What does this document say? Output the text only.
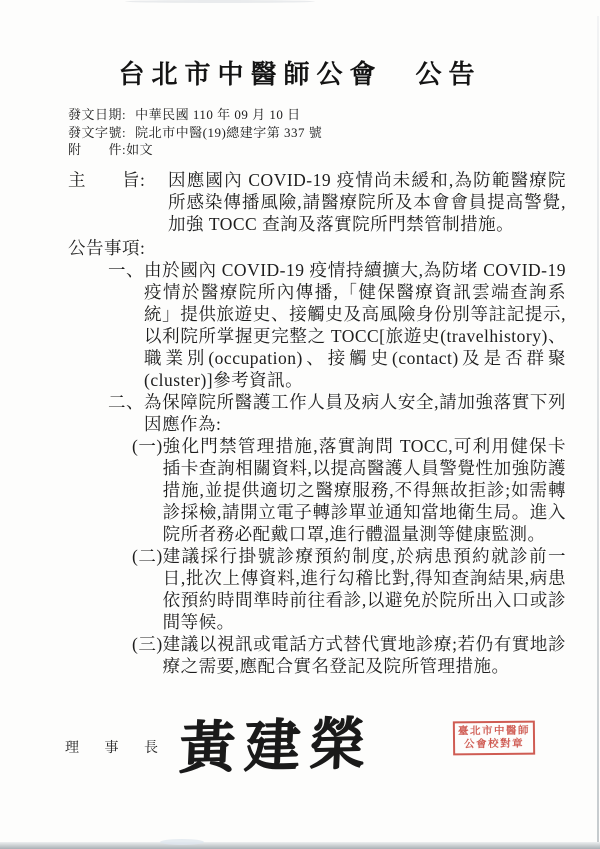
台北市中醫師公會　公告
發文日期: 中華民國 110 年 09 月 10 日
發文字號: 院北市中醫(19)總建字第 337 號
附　　件: 如文
主　　旨:	因應國內 COVID-19 疫情尚未緩和,為防範醫療院所感染傳播風險,請醫療院所及本會會員提高警覺,加強 TOCC 查詢及落實院所門禁管制措施。
公告事項:
一、 由於國內 COVID-19 疫情持續擴大,為防堵 COVID-19 疫情於醫療院所內傳播,「健保醫療資訊雲端查詢系統」提供旅遊史、接觸史及高風險身份別等註記提示,以利院所掌握更完整之 TOCC[旅遊史(travelhistory)、職業別(occupation)、接觸史(contact)及是否群聚(cluster)]參考資訊。
二、 為保障院所醫護工作人員及病人安全,請加強落實下列因應作為:
(一) 強化門禁管理措施,落實詢問 TOCC,可利用健保卡插卡查詢相關資料,以提高醫護人員警覺性加強防護措施,並提供適切之醫療服務,不得無故拒診;如需轉診採檢,請開立電子轉診單並通知當地衛生局。進入院所者務必配戴口罩,進行體溫量測等健康監測。
(二) 建議採行掛號診療預約制度,於病患預約就診前一日,批次上傳資料,進行勾稽比對,得知查詢結果,病患依預約時間準時前往看診,以避免於院所出入口或診間等候。
(三) 建議以視訊或電話方式替代實地診療;若仍有實地診療之需要,應配合實名登記及院所管理措施。
理 事 長 黃建榮	臺北市中醫師
公會校對章
